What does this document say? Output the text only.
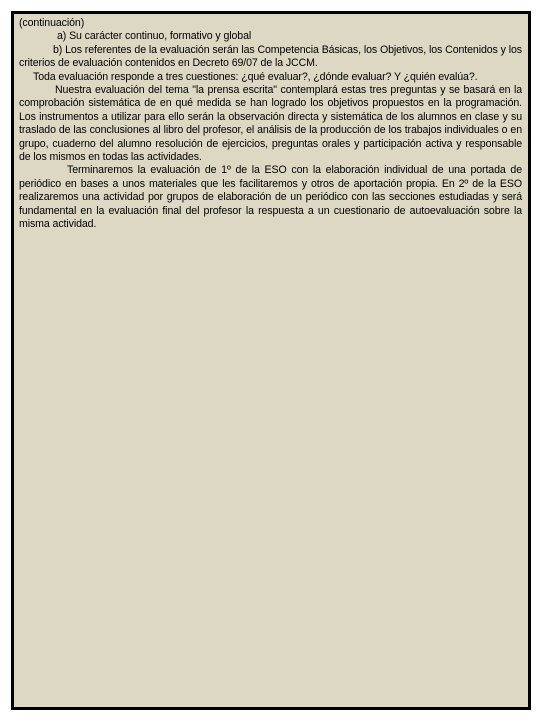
(continuación)

a) Su carácter continuo, formativo y global

b) Los referentes de la evaluación serán las Competencia Básicas, los Objetivos, los Contenidos y los criterios de evaluación contenidos en Decreto 69/07 de la JCCM.

Toda evaluación responde a tres cuestiones: ¿qué evaluar?, ¿dónde evaluar? Y ¿quién evalúa?.

Nuestra evaluación del tema "la prensa escrita" contemplará estas tres preguntas y se basará en la comprobación sistemática de en qué medida se han logrado los objetivos propuestos en la programación. Los instrumentos a utilizar para ello serán la observación directa y sistemática de los alumnos en clase y su traslado de las conclusiones al libro del profesor, el análisis de la producción de los trabajos individuales o en grupo, cuaderno del alumno resolución de ejercicios, preguntas orales y participación activa y responsable de los mismos en todas las actividades.

Terminaremos la evaluación de 1º de la ESO con la elaboración individual de una portada de periódico en bases a unos materiales que les facilitaremos y otros de aportación propia. En 2º de la ESO realizaremos una actividad por grupos de elaboración de un periódico con las secciones estudiadas y será fundamental en la evaluación final del profesor la respuesta a un cuestionario de autoevaluación sobre la misma actividad.
